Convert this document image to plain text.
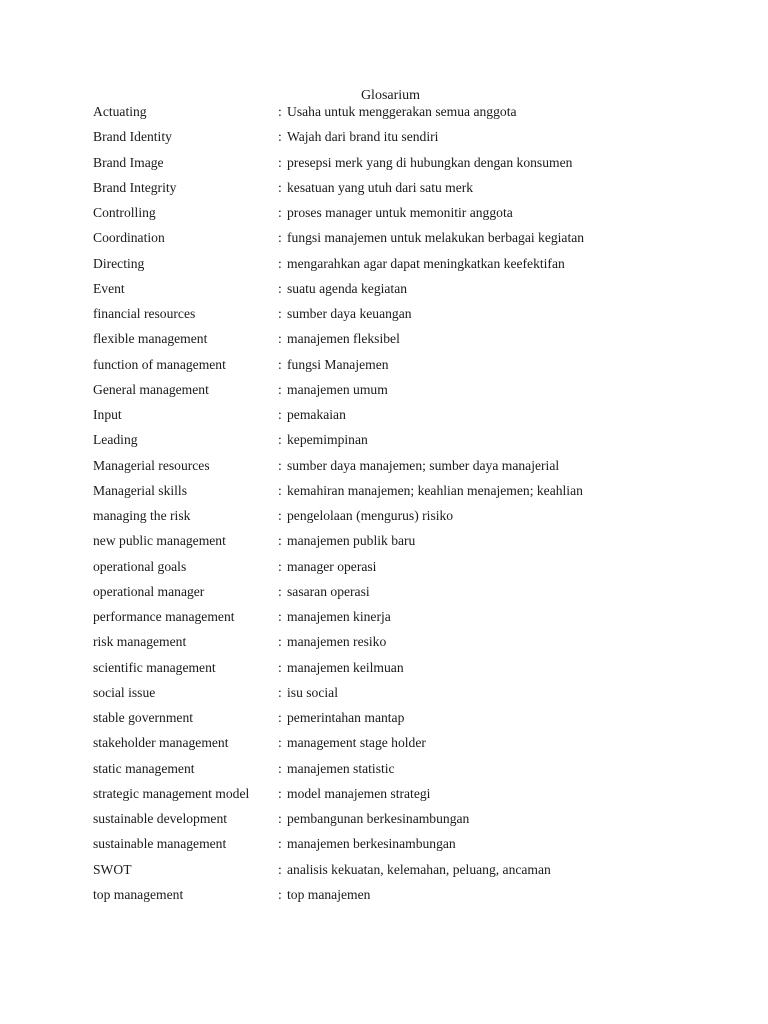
Glosarium
Actuating	: Usaha untuk menggerakan semua anggota
Brand Identity	: Wajah dari brand itu sendiri
Brand Image	: presepsi merk yang di hubungkan dengan konsumen
Brand Integrity	: kesatuan yang utuh dari satu merk
Controlling	: proses manager untuk memonitir anggota
Coordination	: fungsi manajemen untuk melakukan berbagai kegiatan
Directing	: mengarahkan agar dapat meningkatkan keefektifan
Event	: suatu agenda kegiatan
financial resources	: sumber daya keuangan
flexible management	: manajemen fleksibel
function of management	: fungsi Manajemen
General management	: manajemen umum
Input	: pemakaian
Leading	: kepemimpinan
Managerial resources	: sumber daya manajemen; sumber daya manajerial
Managerial skills	: kemahiran manajemen; keahlian menajemen; keahlian
managing the risk	: pengelolaan (mengurus) risiko
new public management	: manajemen publik baru
operational goals	: manager operasi
operational manager	: sasaran operasi
performance management	: manajemen kinerja
risk management	: manajemen resiko
scientific management	: manajemen keilmuan
social issue	: isu social
stable government	: pemerintahan mantap
stakeholder management	: management stage holder
static management	: manajemen statistic
strategic management model : model manajemen strategi
sustainable development	: pembangunan berkesinambungan
sustainable management	: manajemen berkesinambungan
SWOT	: analisis kekuatan, kelemahan, peluang, ancaman
top management	: top manajemen
